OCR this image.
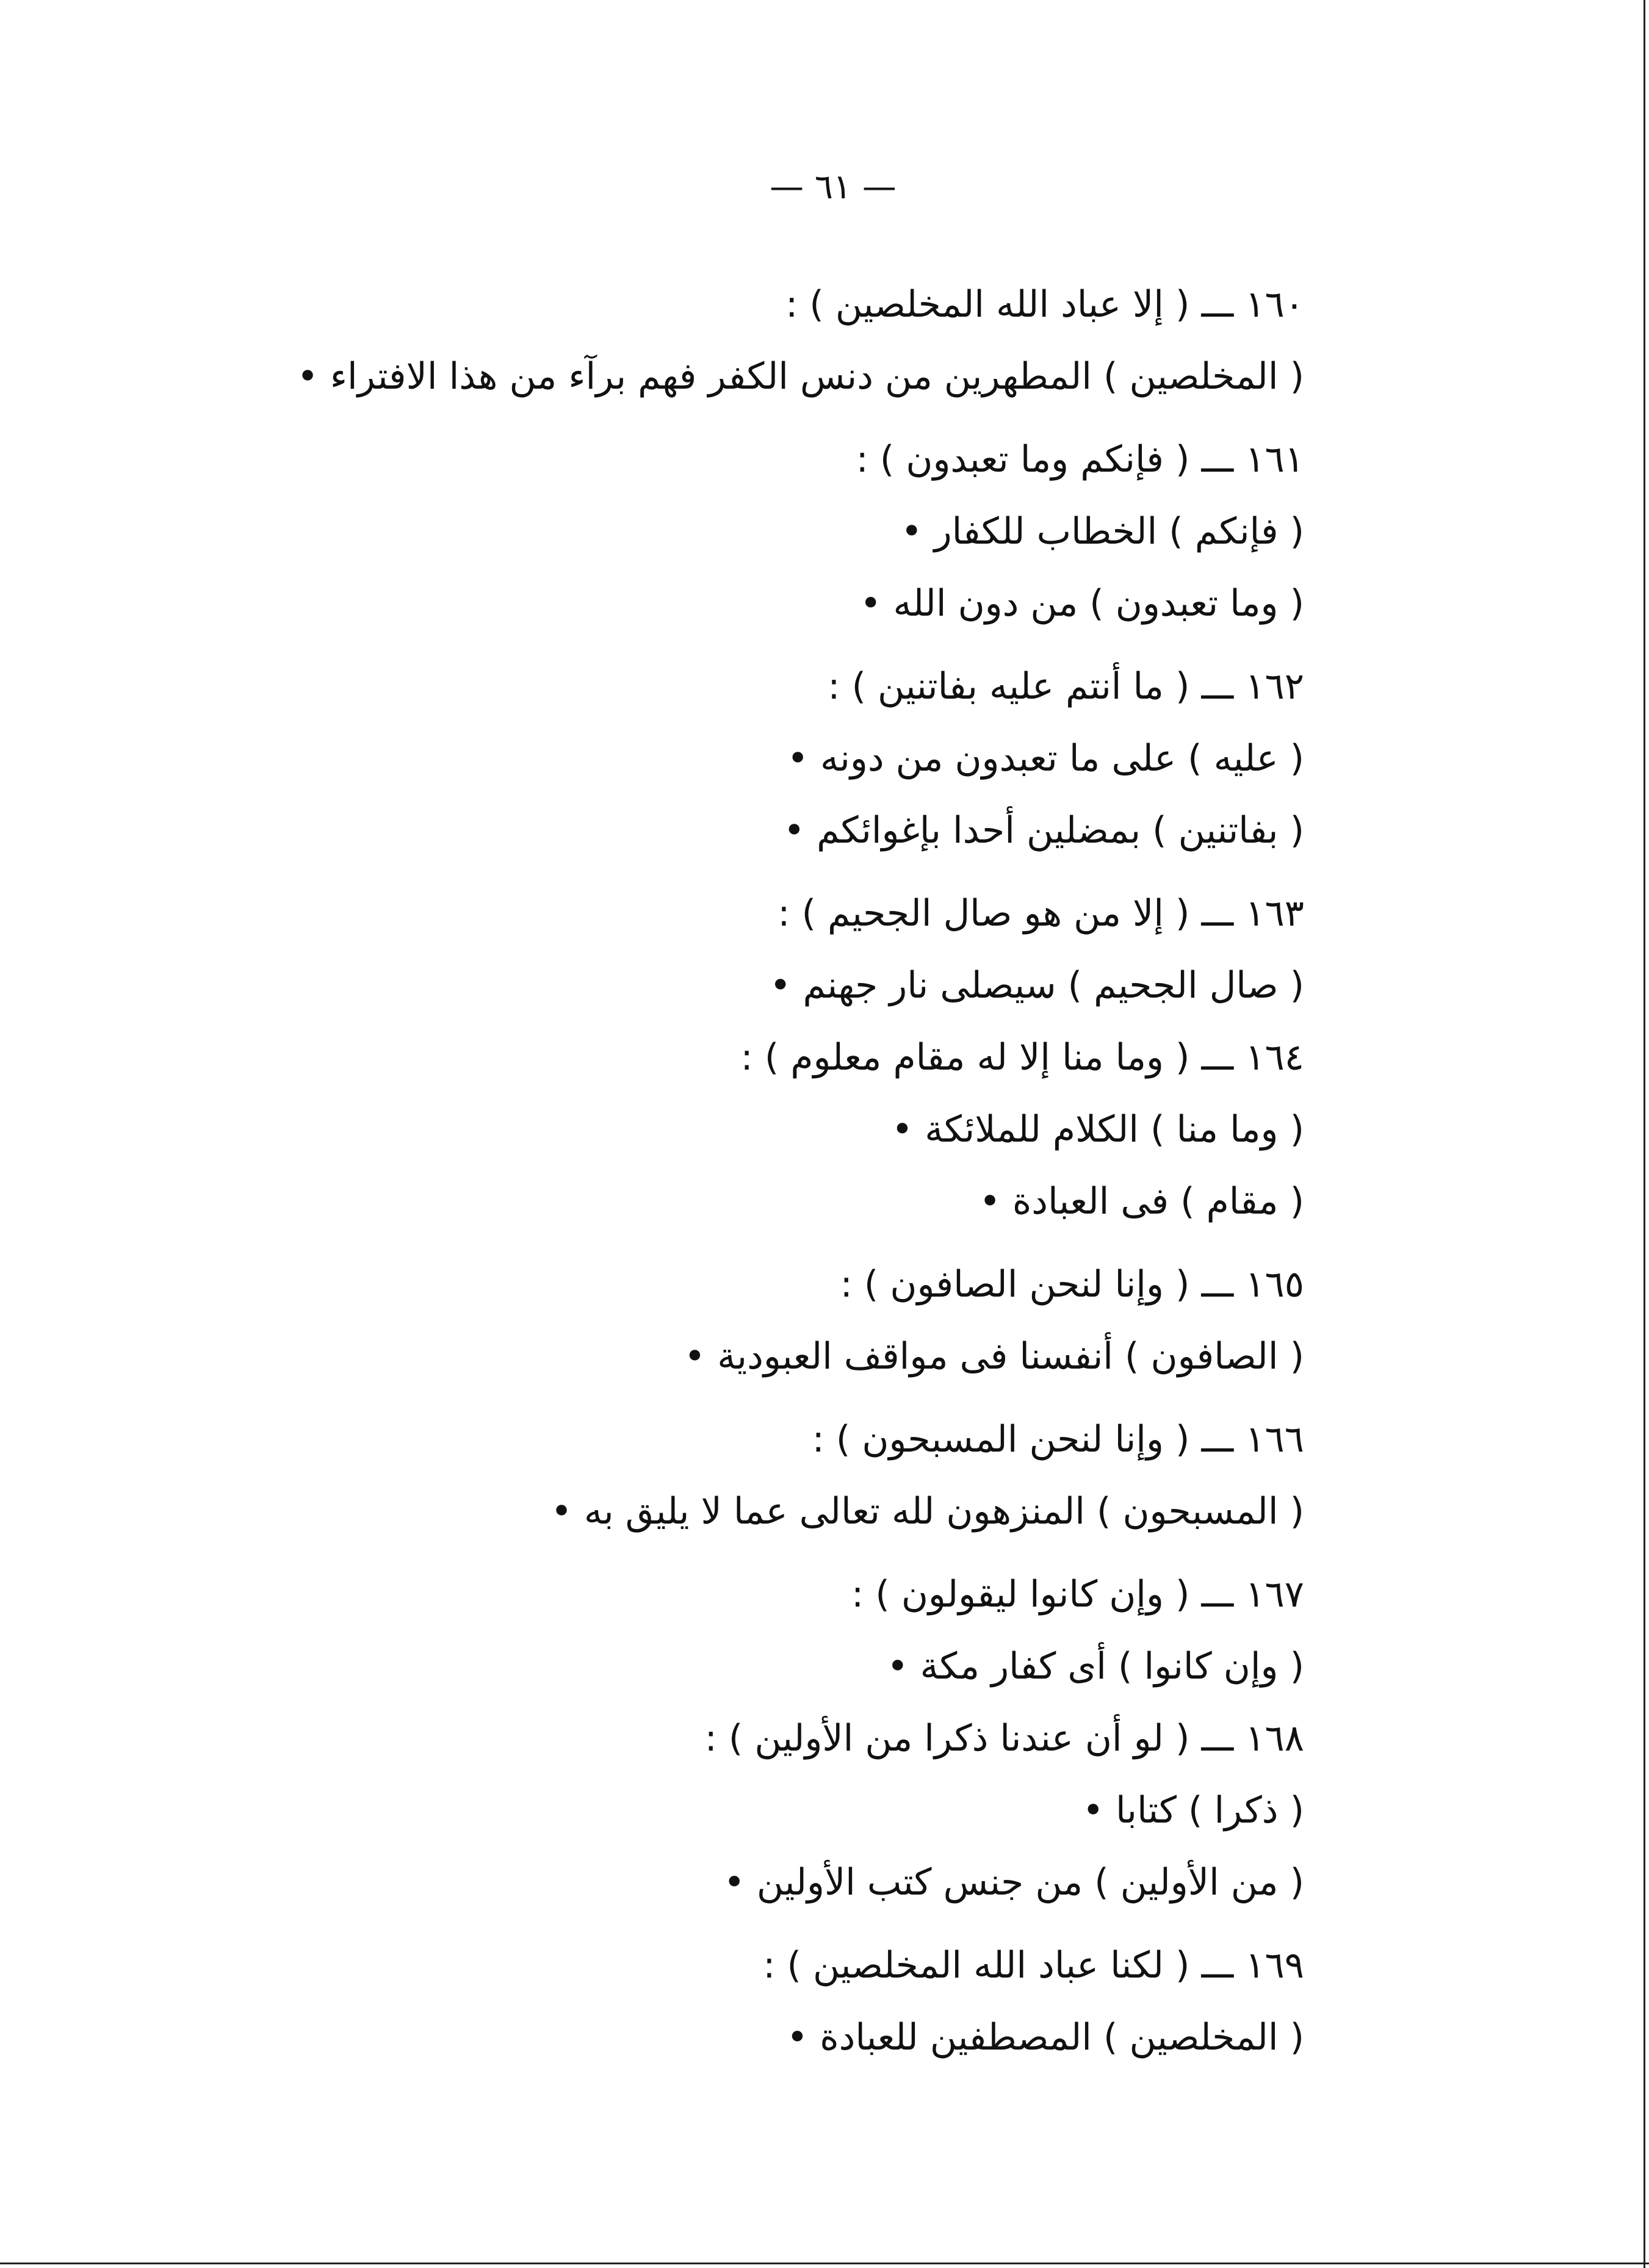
— ٦١ —
١٦٠ ـــ ( إلا عباد الله المخلصين ) :
( المخلصين ) المطهرين من دنس الكفر فهم برآء من هذا الافتراء •
١٦١ ـــ ( فإنكم وما تعبدون ) :
( فإنكم ) الخطاب للكفار •
( وما تعبدون ) من دون الله •
١٦٢ ـــ ( ما أنتم عليه بفاتنين ) :
( عليه ) على ما تعبدون من دونه •
( بفاتنين ) بمضلين أحدا بإغوائكم •
١٦٣ ـــ ( إلا من هو صال الجحيم ) :
( صال الجحيم ) سيصلى نار جهنم •
١٦٤ ـــ ( وما منا إلا له مقام معلوم ) :
( وما منا ) الكلام للملائكة •
( مقام ) فى العبادة •
١٦٥ ـــ ( وإنا لنحن الصافون ) :
( الصافون ) أنفسنا فى مواقف العبودية •
١٦٦ ـــ ( وإنا لنحن المسبحون ) :
( المسبحون ) المنزهون لله تعالى عما لا يليق به •
١٦٧ ـــ ( وإن كانوا ليقولون ) :
( وإن كانوا ) أى كفار مكة •
١٦٨ ـــ ( لو أن عندنا ذكرا من الأولين ) :
( ذكرا ) كتابا •
( من الأولين ) من جنس كتب الأولين •
١٦٩ ـــ ( لكنا عباد الله المخلصين ) :
( المخلصين ) المصطفين للعبادة •
